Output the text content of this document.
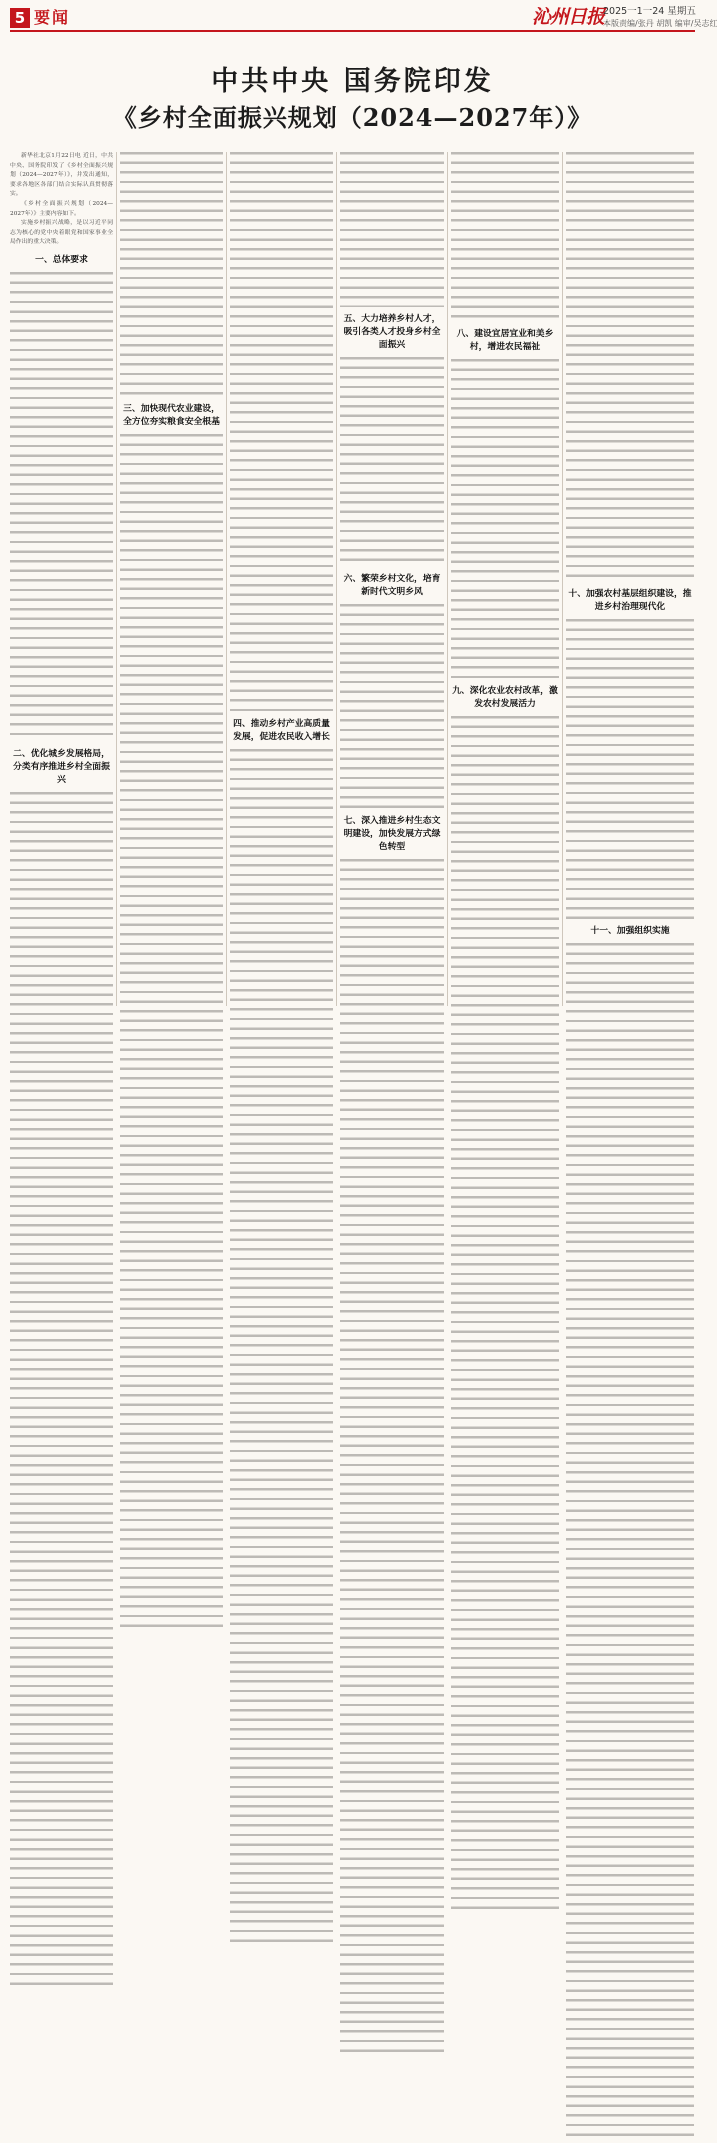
5 要闻	沁州日报
2025一1一24 星期五
本版责编/张丹 胡凯 编审/吴志红
中共中央 国务院印发
《乡村全面振兴规划（2024—2027年）》

新华社北京1月22日电 近日，中共中央、国务院印发了《乡村全面振兴规划（2024—2027年）》，并发出通知，要求各地区各部门结合实际认真贯彻落实。

《乡村全面振兴规划（2024—2027年）》主要内容如下。

实施乡村振兴战略，是以习近平同志为核心的党中央着眼党和国家事业全局作出的重大决策。

一、总体要求
二、优化城乡发展格局，分类有序推进乡村全面振兴
三、加快现代农业建设，全方位夯实粮食安全根基
四、推动乡村产业高质量发展，促进农民收入增长
五、大力培养乡村人才，吸引各类人才投身乡村全面振兴
六、繁荣乡村文化，培育新时代文明乡风
七、深入推进乡村生态文明建设，加快发展方式绿色转型
八、建设宜居宜业和美乡村，增进农民福祉
九、深化农业农村改革，激发农村发展活力
十、加强农村基层组织建设，推进乡村治理现代化
十一、加强组织实施
